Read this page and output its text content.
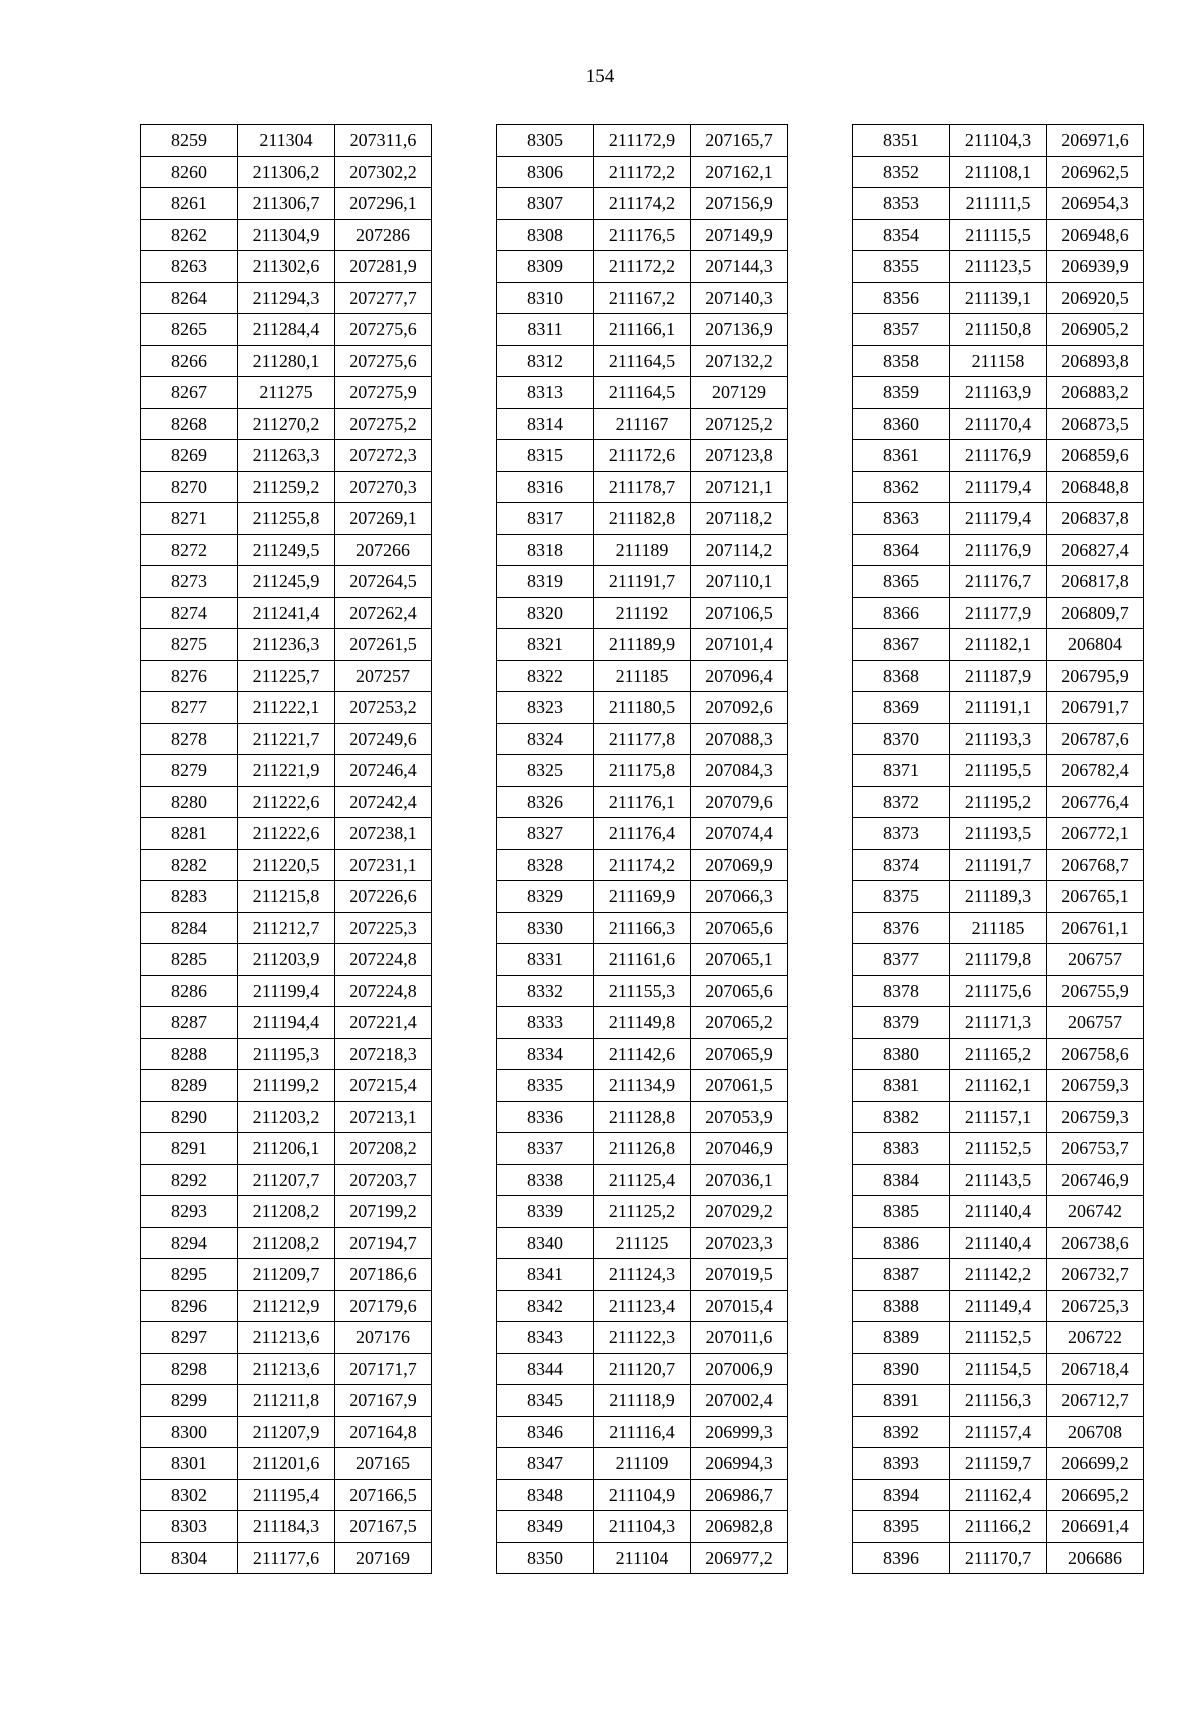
154
8259	211304	207311,6
8260	211306,2	207302,2
8261	211306,7	207296,1
8262	211304,9	207286
8263	211302,6	207281,9
8264	211294,3	207277,7
8265	211284,4	207275,6
8266	211280,1	207275,6
8267	211275	207275,9
8268	211270,2	207275,2
8269	211263,3	207272,3
8270	211259,2	207270,3
8271	211255,8	207269,1
8272	211249,5	207266
8273	211245,9	207264,5
8274	211241,4	207262,4
8275	211236,3	207261,5
8276	211225,7	207257
8277	211222,1	207253,2
8278	211221,7	207249,6
8279	211221,9	207246,4
8280	211222,6	207242,4
8281	211222,6	207238,1
8282	211220,5	207231,1
8283	211215,8	207226,6
8284	211212,7	207225,3
8285	211203,9	207224,8
8286	211199,4	207224,8
8287	211194,4	207221,4
8288	211195,3	207218,3
8289	211199,2	207215,4
8290	211203,2	207213,1
8291	211206,1	207208,2
8292	211207,7	207203,7
8293	211208,2	207199,2
8294	211208,2	207194,7
8295	211209,7	207186,6
8296	211212,9	207179,6
8297	211213,6	207176
8298	211213,6	207171,7
8299	211211,8	207167,9
8300	211207,9	207164,8
8301	211201,6	207165
8302	211195,4	207166,5
8303	211184,3	207167,5
8304	211177,6	207169
8305	211172,9	207165,7
8306	211172,2	207162,1
8307	211174,2	207156,9
8308	211176,5	207149,9
8309	211172,2	207144,3
8310	211167,2	207140,3
8311	211166,1	207136,9
8312	211164,5	207132,2
8313	211164,5	207129
8314	211167	207125,2
8315	211172,6	207123,8
8316	211178,7	207121,1
8317	211182,8	207118,2
8318	211189	207114,2
8319	211191,7	207110,1
8320	211192	207106,5
8321	211189,9	207101,4
8322	211185	207096,4
8323	211180,5	207092,6
8324	211177,8	207088,3
8325	211175,8	207084,3
8326	211176,1	207079,6
8327	211176,4	207074,4
8328	211174,2	207069,9
8329	211169,9	207066,3
8330	211166,3	207065,6
8331	211161,6	207065,1
8332	211155,3	207065,6
8333	211149,8	207065,2
8334	211142,6	207065,9
8335	211134,9	207061,5
8336	211128,8	207053,9
8337	211126,8	207046,9
8338	211125,4	207036,1
8339	211125,2	207029,2
8340	211125	207023,3
8341	211124,3	207019,5
8342	211123,4	207015,4
8343	211122,3	207011,6
8344	211120,7	207006,9
8345	211118,9	207002,4
8346	211116,4	206999,3
8347	211109	206994,3
8348	211104,9	206986,7
8349	211104,3	206982,8
8350	211104	206977,2
8351	211104,3	206971,6
8352	211108,1	206962,5
8353	211111,5	206954,3
8354	211115,5	206948,6
8355	211123,5	206939,9
8356	211139,1	206920,5
8357	211150,8	206905,2
8358	211158	206893,8
8359	211163,9	206883,2
8360	211170,4	206873,5
8361	211176,9	206859,6
8362	211179,4	206848,8
8363	211179,4	206837,8
8364	211176,9	206827,4
8365	211176,7	206817,8
8366	211177,9	206809,7
8367	211182,1	206804
8368	211187,9	206795,9
8369	211191,1	206791,7
8370	211193,3	206787,6
8371	211195,5	206782,4
8372	211195,2	206776,4
8373	211193,5	206772,1
8374	211191,7	206768,7
8375	211189,3	206765,1
8376	211185	206761,1
8377	211179,8	206757
8378	211175,6	206755,9
8379	211171,3	206757
8380	211165,2	206758,6
8381	211162,1	206759,3
8382	211157,1	206759,3
8383	211152,5	206753,7
8384	211143,5	206746,9
8385	211140,4	206742
8386	211140,4	206738,6
8387	211142,2	206732,7
8388	211149,4	206725,3
8389	211152,5	206722
8390	211154,5	206718,4
8391	211156,3	206712,7
8392	211157,4	206708
8393	211159,7	206699,2
8394	211162,4	206695,2
8395	211166,2	206691,4
8396	211170,7	206686
